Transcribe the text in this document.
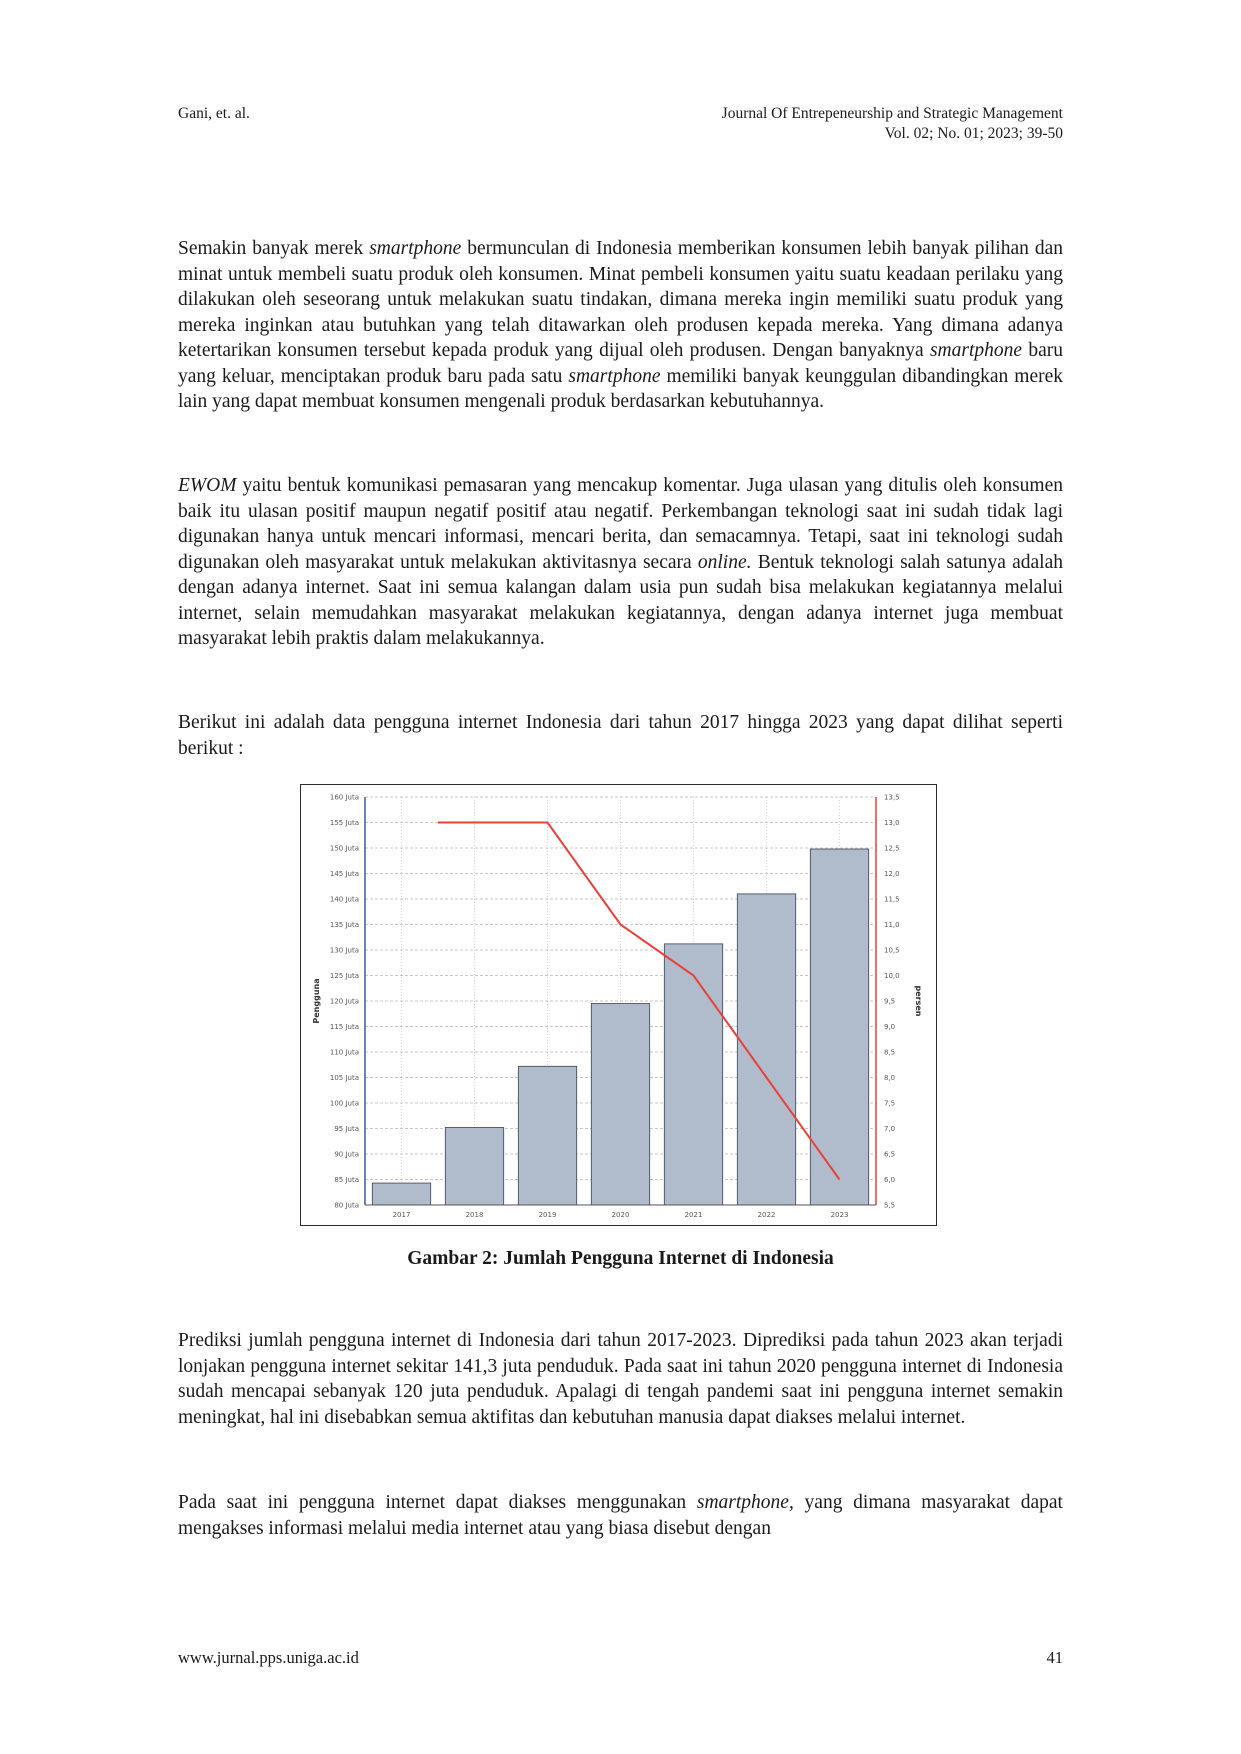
Gani, et. al.	Journal Of Entrepeneurship and Strategic Management
Vol. 02; No. 01; 2023; 39-50

Semakin banyak merek smartphone bermunculan di Indonesia memberikan konsumen lebih banyak pilihan dan minat untuk membeli suatu produk oleh konsumen. Minat pembeli konsumen yaitu suatu keadaan perilaku yang dilakukan oleh seseorang untuk melakukan suatu tindakan, dimana mereka ingin memiliki suatu produk yang mereka inginkan atau butuhkan yang telah ditawarkan oleh produsen kepada mereka. Yang dimana adanya ketertarikan konsumen tersebut kepada produk yang dijual oleh produsen. Dengan banyaknya smartphone baru yang keluar, menciptakan produk baru pada satu smartphone memiliki banyak keunggulan dibandingkan merek lain yang dapat membuat konsumen mengenali produk berdasarkan kebutuhannya.

EWOM yaitu bentuk komunikasi pemasaran yang mencakup komentar. Juga ulasan yang ditulis oleh konsumen baik itu ulasan positif maupun negatif positif atau negatif. Perkembangan teknologi saat ini sudah tidak lagi digunakan hanya untuk mencari informasi, mencari berita, dan semacamnya. Tetapi, saat ini teknologi sudah digunakan oleh masyarakat untuk melakukan aktivitasnya secara online. Bentuk teknologi salah satunya adalah dengan adanya internet. Saat ini semua kalangan dalam usia pun sudah bisa melakukan kegiatannya melalui internet, selain memudahkan masyarakat melakukan kegiatannya, dengan adanya internet juga membuat masyarakat lebih praktis dalam melakukannya.

Berikut ini adalah data pengguna internet Indonesia dari tahun 2017 hingga 2023 yang dapat dilihat seperti berikut :

80 Juta
85 Juta
90 Juta
95 Juta
100 Juta
105 Juta
110 Juta
115 Juta
120 Juta
125 Juta
130 Juta
135 Juta
140 Juta
145 Juta
150 Juta
155 Juta
160 Juta
5,5
6,0
6,5
7,0
7,5
8,0
8,5
9,0
9,5
10,0
10,5
11,0
11,5
12,0
12,5
13,0
13,5
2017	2018	2019	2020	2021	2022	2023
Pengguna	persen
Gambar 2: Jumlah Pengguna Internet di Indonesia

Prediksi jumlah pengguna internet di Indonesia dari tahun 2017-2023. Diprediksi pada tahun 2023 akan terjadi lonjakan pengguna internet sekitar 141,3 juta penduduk. Pada saat ini tahun 2020 pengguna internet di Indonesia sudah mencapai sebanyak 120 juta penduduk. Apalagi di tengah pandemi saat ini pengguna internet semakin meningkat, hal ini disebabkan semua aktifitas dan kebutuhan manusia dapat diakses melalui internet.

Pada saat ini pengguna internet dapat diakses menggunakan smartphone, yang dimana masyarakat dapat mengakses informasi melalui media internet atau yang biasa disebut dengan

www.jurnal.pps.uniga.ac.id	41
